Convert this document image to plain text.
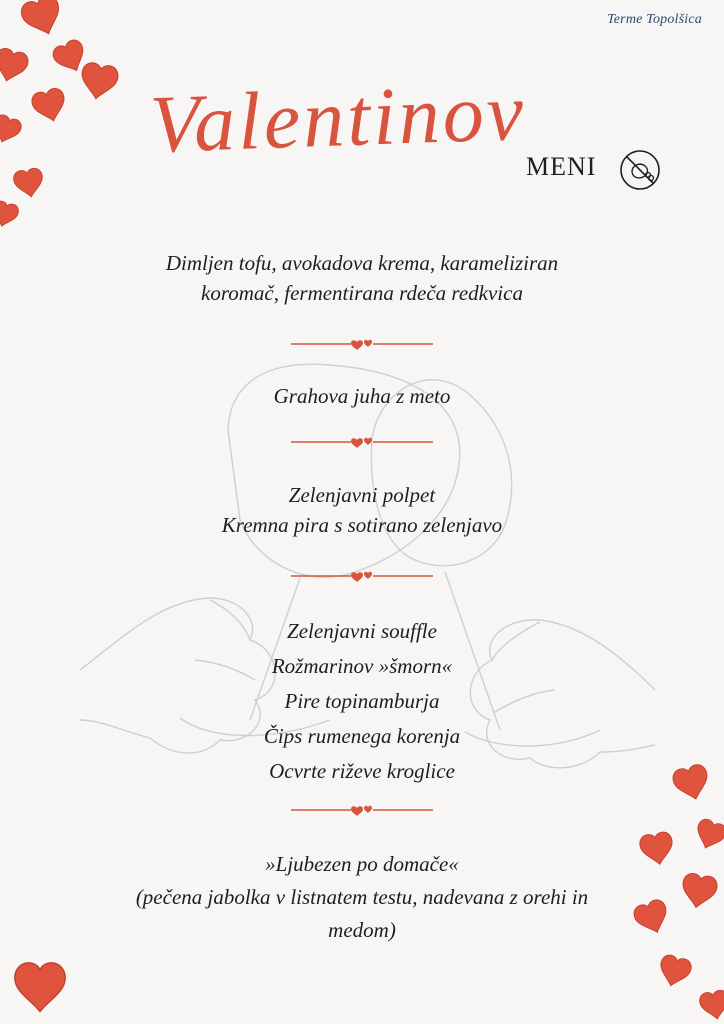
Terme Topolšica
Valentinov
MENI
Dimljen tofu, avokadova krema, karameliziran
koromač, fermentirana rdeča redkvica
Grahova juha z meto
Zelenjavni polpet
Kremna pira s sotirano zelenjavo
Zelenjavni souffle
Rožmarinov »šmorn«
Pire topinamburja
Čips rumenega korenja
Ocvrte riževe kroglice
»Ljubezen po domače«
(pečena jabolka v listnatem testu, nadevana z orehi in
medom)
